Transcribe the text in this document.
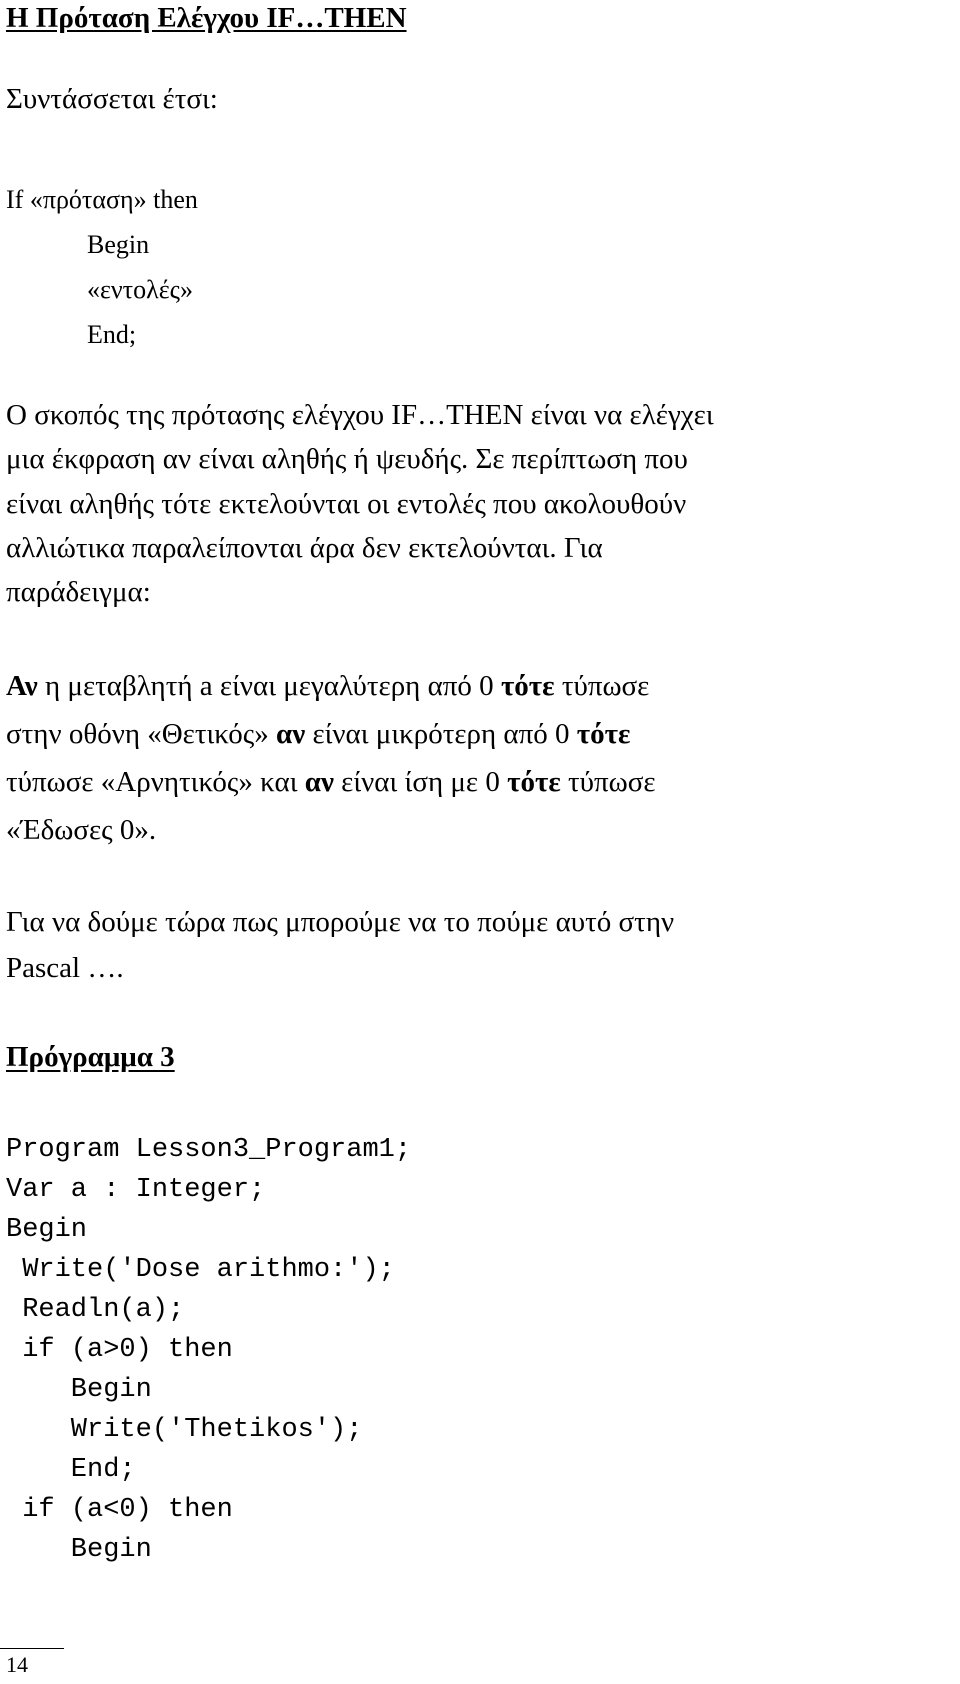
Η Πρόταση Ελέγχου IF…THEN
Συντάσσεται έτσι:
If «πρόταση» then
Begin
«εντολές»
End;
Ο σκοπός της πρότασης ελέγχου IF…THEN είναι να ελέγχει
μια έκφραση αν είναι αληθής ή ψευδής. Σε περίπτωση που
είναι αληθής τότε εκτελούνται οι εντολές που ακολουθούν
αλλιώτικα παραλείπονται άρα δεν εκτελούνται. Για
παράδειγμα:
Αν η μεταβλητή a είναι μεγαλύτερη από 0 τότε τύπωσε
στην οθόνη «Θετικός» αν είναι μικρότερη από 0 τότε
τύπωσε «Αρνητικός» και αν είναι ίση με 0 τότε τύπωσε
«Έδωσες 0».
Για να δούμε τώρα πως μπορούμε να το πούμε αυτό στην
Pascal ….
Πρόγραμμα 3
Program Lesson3_Program1;
Var a : Integer;
Begin
Write('Dose arithmo:');
Readln(a);
if (a>0) then
Begin
Write('Thetikos');
End;
if (a<0) then
Begin
14
